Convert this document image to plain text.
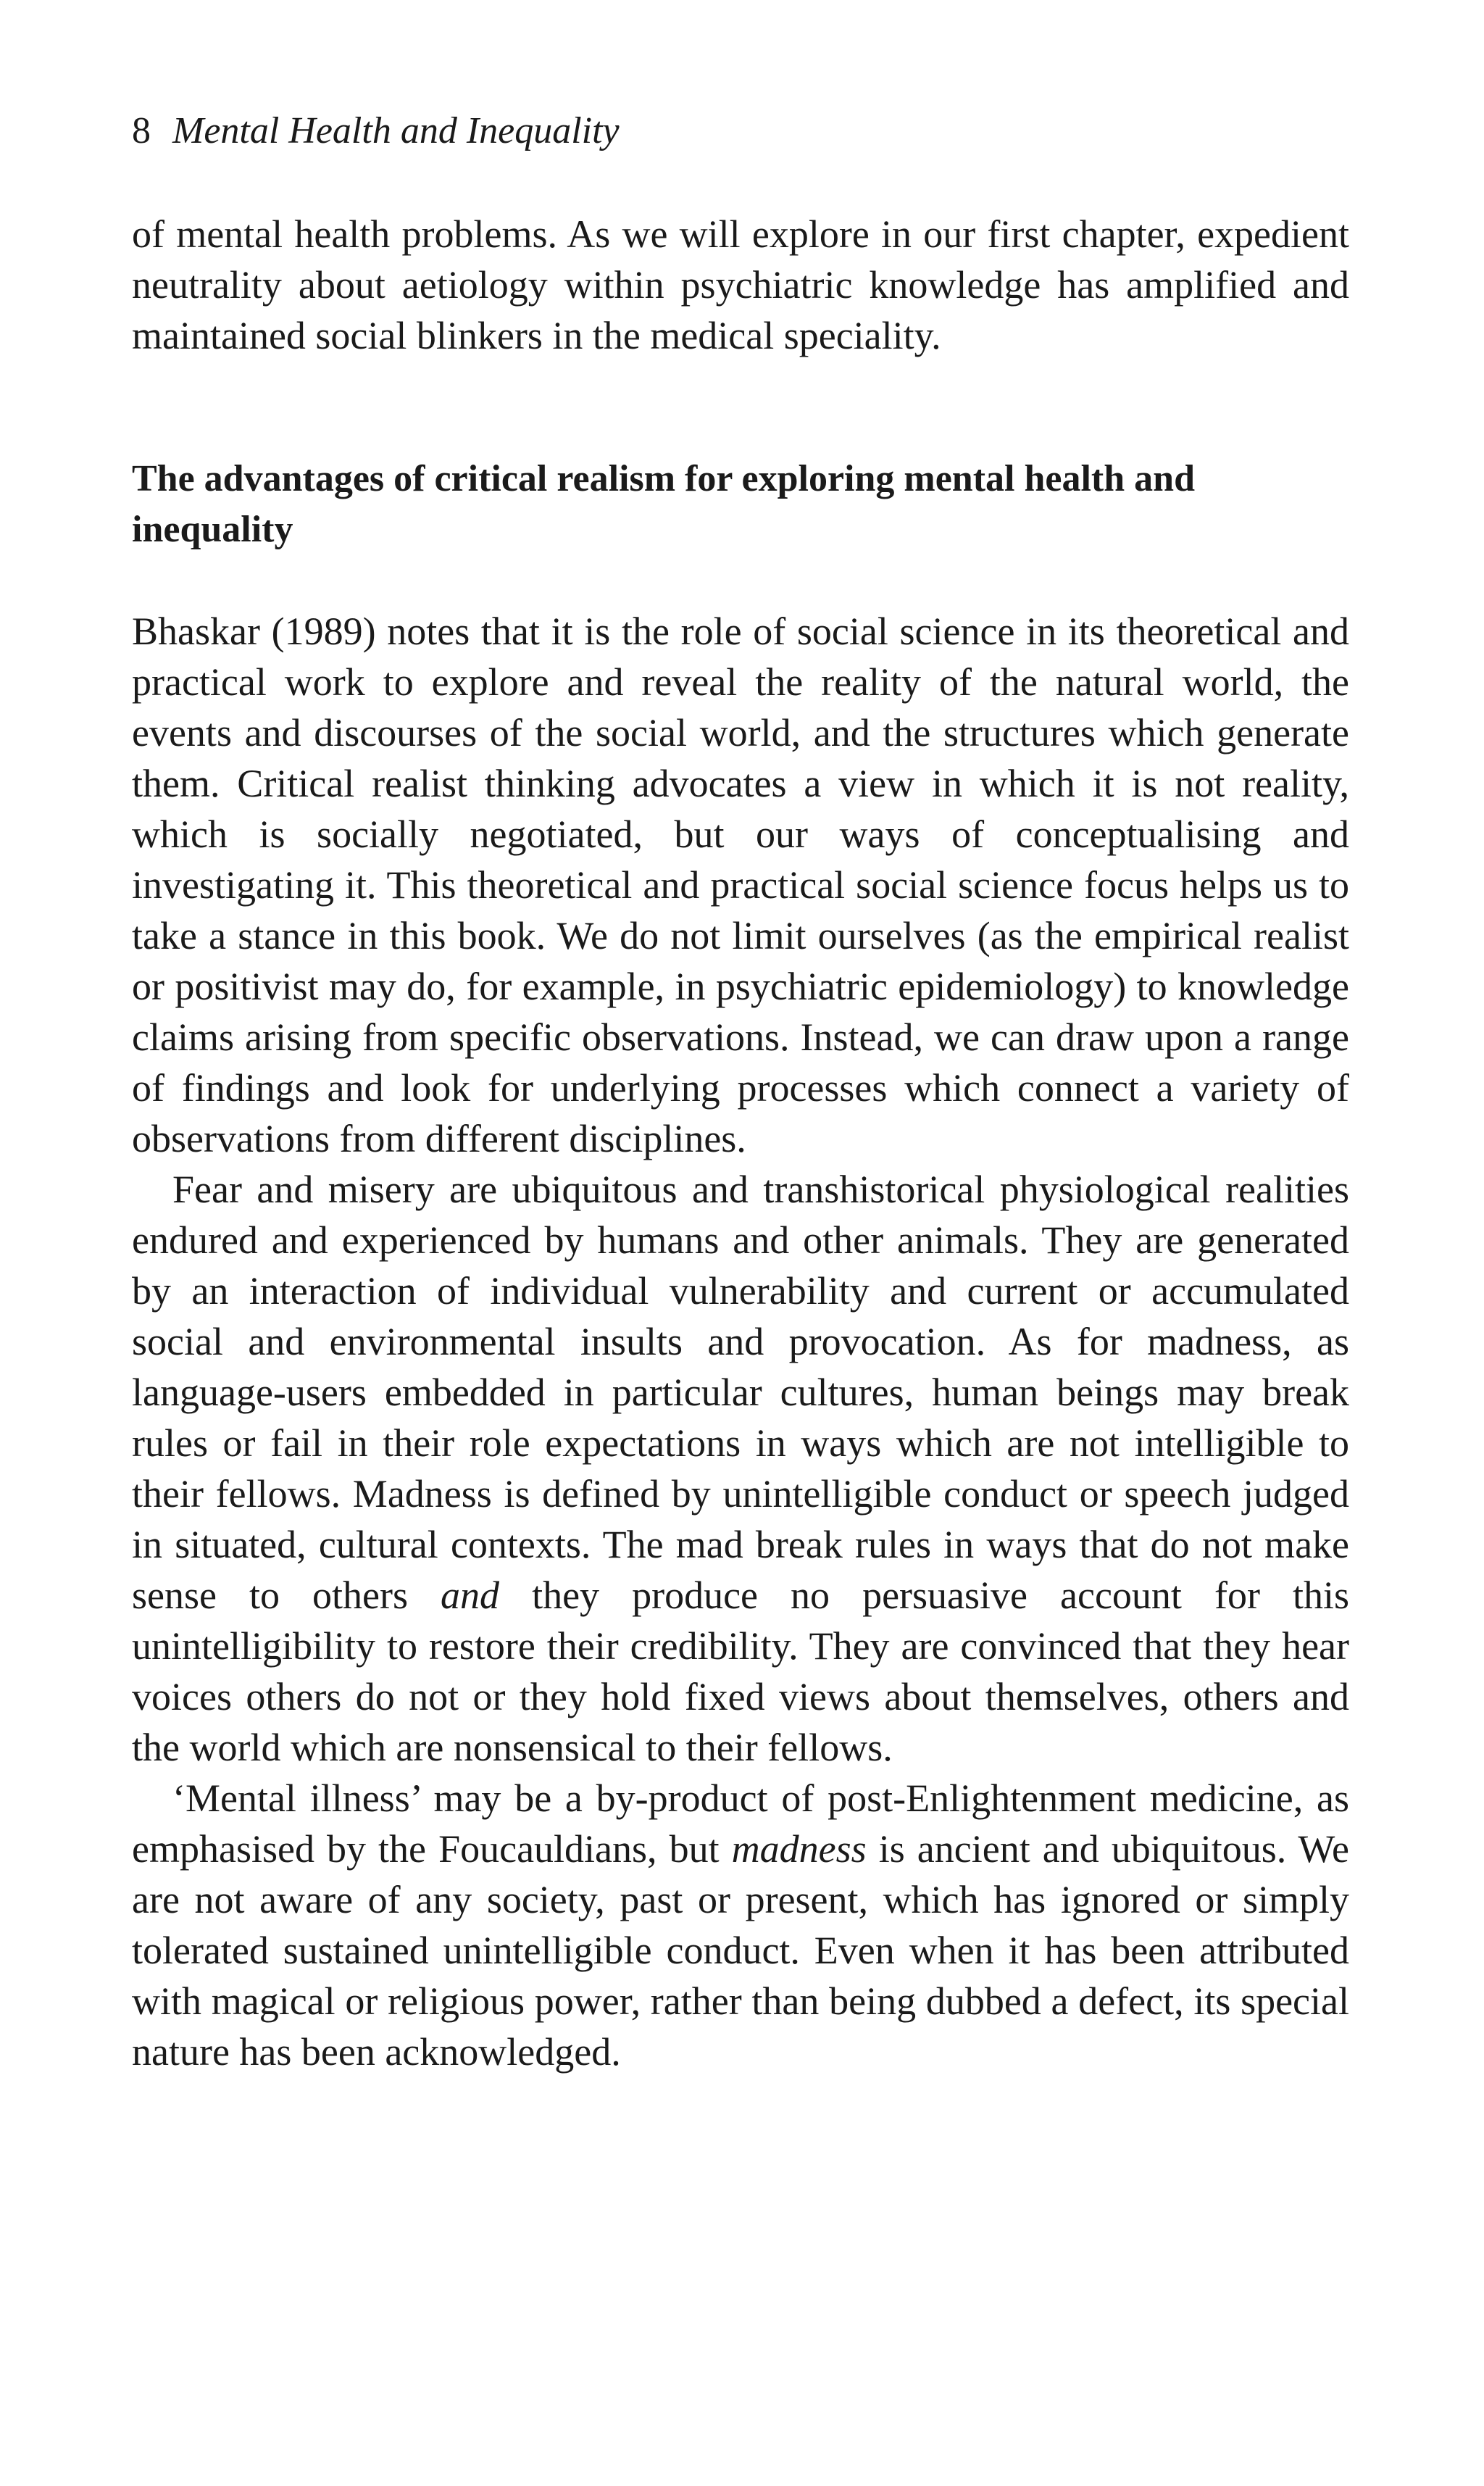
8 Mental Health and Inequality

of mental health problems. As we will explore in our first chapter, expedient neutrality about aetiology within psychiatric knowledge has amplified and maintained social blinkers in the medical speciality.

The advantages of critical realism for exploring mental health and inequality

Bhaskar (1989) notes that it is the role of social science in its theoretical and practical work to explore and reveal the reality of the natural world, the events and discourses of the social world, and the structures which generate them. Critical realist thinking advocates a view in which it is not reality, which is socially negotiated, but our ways of conceptualising and investigating it. This theoretical and practical social science focus helps us to take a stance in this book. We do not limit ourselves (as the empirical realist or positivist may do, for example, in psychiatric epidemiology) to knowledge claims arising from specific observations. Instead, we can draw upon a range of findings and look for underlying processes which connect a variety of observations from different disciplines.

Fear and misery are ubiquitous and transhistorical physiological realities endured and experienced by humans and other animals. They are generated by an interaction of individual vulnerability and current or accumulated social and environmental insults and provocation. As for madness, as language-users embedded in particular cultures, human beings may break rules or fail in their role expectations in ways which are not intelligible to their fellows. Madness is defined by unintelligible conduct or speech judged in situated, cultural contexts. The mad break rules in ways that do not make sense to others and they produce no persuasive account for this unintelligibility to restore their credibility. They are convinced that they hear voices others do not or they hold fixed views about themselves, others and the world which are nonsensical to their fellows.

‘Mental illness’ may be a by-product of post-Enlightenment medicine, as emphasised by the Foucauldians, but madness is ancient and ubiquitous. We are not aware of any society, past or present, which has ignored or simply tolerated sustained unintelligible conduct. Even when it has been attributed with magical or religious power, rather than being dubbed a defect, its special nature has been acknowledged.
